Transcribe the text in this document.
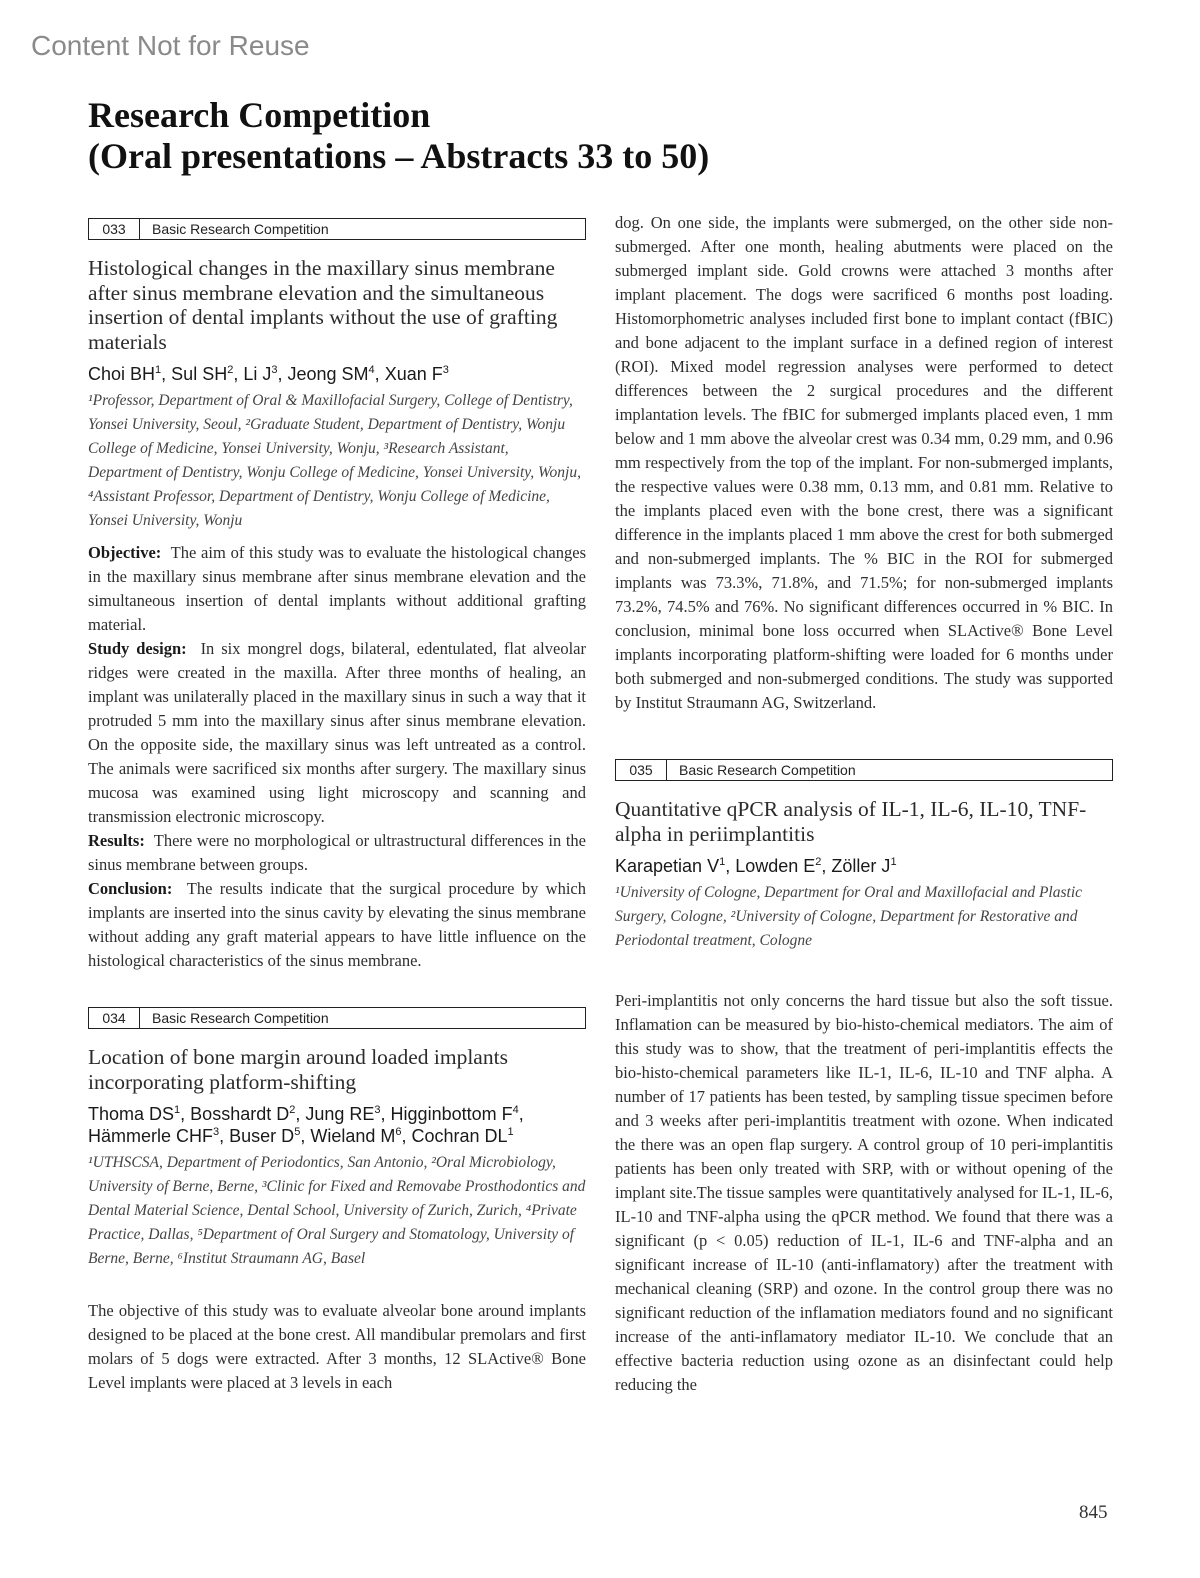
Content Not for Reuse
Research Competition
(Oral presentations – Abstracts 33 to 50)
033	Basic Research Competition
Histological changes in the maxillary sinus membrane after sinus membrane elevation and the simultaneous insertion of dental implants without the use of grafting materials
Choi $BH^1$, Sul $SH^2$, Li $J^3$, Jeong $SM^4$, Xuan $F^3$
¹Professor, Department of Oral & Maxillofacial Surgery, College of Dentistry, Yonsei University, Seoul, ²Graduate Student, Department of Dentistry, Wonju College of Medicine, Yonsei University, Wonju, ³Research Assistant, Department of Dentistry, Wonju College of Medicine, Yonsei University, Wonju, ⁴Assistant Professor, Department of Dentistry, Wonju College of Medicine, Yonsei University, Wonju

Objective: The aim of this study was to evaluate the histological changes in the maxillary sinus membrane after sinus membrane elevation and the simultaneous insertion of dental implants without additional grafting material.

Study design: In six mongrel dogs, bilateral, edentulated, flat alveolar ridges were created in the maxilla. After three months of healing, an implant was unilaterally placed in the maxillary sinus in such a way that it protruded 5 mm into the maxillary sinus after sinus membrane elevation. On the opposite side, the maxillary sinus was left untreated as a control. The animals were sacrificed six months after surgery. The maxillary sinus mucosa was examined using light microscopy and scanning and transmission electronic microscopy.

Results: There were no morphological or ultrastructural differences in the sinus membrane between groups.

Conclusion: The results indicate that the surgical procedure by which implants are inserted into the sinus cavity by elevating the sinus membrane without adding any graft material appears to have little influence on the histological characteristics of the sinus membrane.

034	Basic Research Competition
Location of bone margin around loaded implants incorporating platform-shifting
Thoma $DS^1$, Bosshardt $D^2$, Jung $RE^3$, Higginbottom $F^4$,
Hämmerle CHF$^3$, Buser $D^5$, Wieland $M^6$, Cochran $DL^1$
¹UTHSCSA, Department of Periodontics, San Antonio, ²Oral Microbiology, University of Berne, Berne, ³Clinic for Fixed and Removabe Prosthodontics and Dental Material Science, Dental School, University of Zurich, Zurich, ⁴Private Practice, Dallas, ⁵Department of Oral Surgery and Stomatology, University of Berne, Berne, ⁶Institut Straumann AG, Basel

The objective of this study was to evaluate alveolar bone around implants designed to be placed at the bone crest. All mandibular premolars and first molars of 5 dogs were extracted. After 3 months, 12 SLActive® Bone Level implants were placed at 3 levels in each

dog. On one side, the implants were submerged, on the other side non-submerged. After one month, healing abutments were placed on the submerged implant side. Gold crowns were attached 3 months after implant placement. The dogs were sacrificed 6 months post loading. Histomorphometric analyses included first bone to implant contact (fBIC) and bone adjacent to the implant surface in a defined region of interest (ROI). Mixed model regression analyses were performed to detect differences between the 2 surgical procedures and the different implantation levels. The fBIC for submerged implants placed even, 1 mm below and 1 mm above the alveolar crest was 0.34 mm, 0.29 mm, and 0.96 mm respectively from the top of the implant. For non-submerged implants, the respective values were 0.38 mm, 0.13 mm, and 0.81 mm. Relative to the implants placed even with the bone crest, there was a significant difference in the implants placed 1 mm above the crest for both submerged and non-submerged implants. The % BIC in the ROI for submerged implants was 73.3%, 71.8%, and 71.5%; for non-submerged implants 73.2%, 74.5% and 76%. No significant differences occurred in % BIC. In conclusion, minimal bone loss occurred when SLActive® Bone Level implants incorporating platform-shifting were loaded for 6 months under both submerged and non-submerged conditions. The study was supported by Institut Straumann AG, Switzerland.

035	Basic Research Competition
Quantitative qPCR analysis of IL-1, IL-6, IL-10, TNF-alpha in periimplantitis
Karapetian $V^1$, Lowden $E^2$, Zöller $J^1$
¹University of Cologne, Department for Oral and Maxillofacial and Plastic Surgery, Cologne, ²University of Cologne, Department for Restorative and Periodontal treatment, Cologne

Peri-implantitis not only concerns the hard tissue but also the soft tissue. Inflamation can be measured by bio-histo-chemical mediators. The aim of this study was to show, that the treatment of peri-implantitis effects the bio-histo-chemical parameters like IL-1, IL-6, IL-10 and TNF alpha. A number of 17 patients has been tested, by sampling tissue specimen before and 3 weeks after peri-implantitis treatment with ozone. When indicated the there was an open flap surgery. A control group of 10 peri-implantitis patients has been only treated with SRP, with or without opening of the implant site.The tissue samples were quantitatively analysed for IL-1, IL-6, IL-10 and TNF-alpha using the qPCR method. We found that there was a significant (p < 0.05) reduction of IL-1, IL-6 and TNF-alpha and an significant increase of IL-10 (anti-inflamatory) after the treatment with mechanical cleaning (SRP) and ozone. In the control group there was no significant reduction of the inflamation mediators found and no significant increase of the anti-inflamatory mediator IL-10. We conclude that an effective bacteria reduction using ozone as an disinfectant could help reducing the

845
